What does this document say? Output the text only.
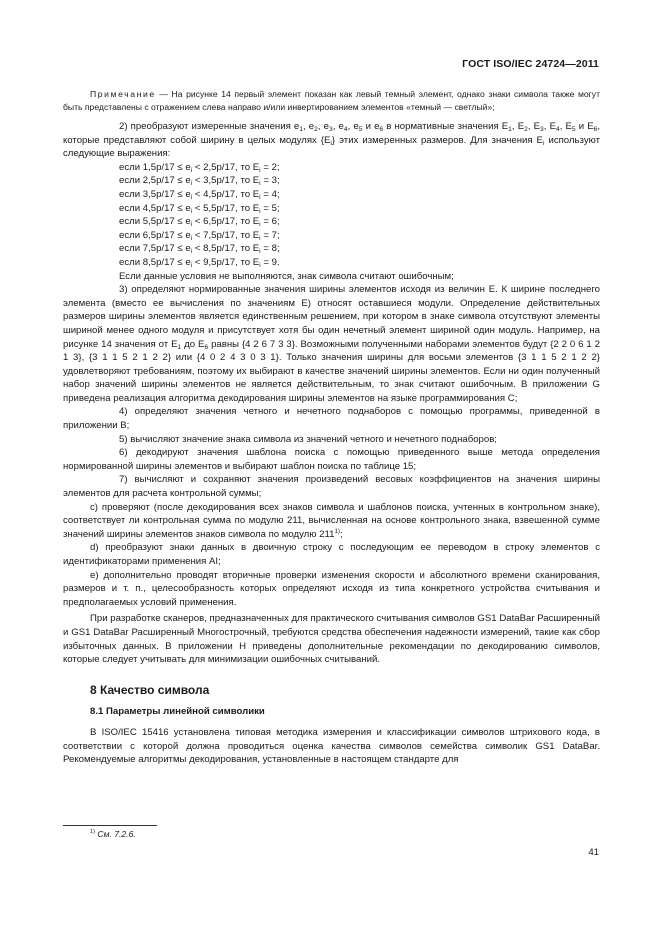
ГОСТ ISO/IEC 24724—2011

Примечание — На рисунке 14 первый элемент показан как левый темный элемент, однако знаки символа также могут быть представлены с отражением слева направо и/или инвертированием элементов «темный — светлый»;

2) преобразуют измеренные значения $e_1$, $e_2$, $e_3$, $e_4$, $e_5$ и $e_6$ в нормативные значения $E_1$, $E_2$, $E_3$, $E_4$, $E_5$ и $E_6$, которые представляют собой ширину в целых модулях $\{E_i\}$ этих измеренных размеров. Для значения $E_i$ используют следующие выражения:

если $1,5p/17 \le e_i < 2,5p/17$, то $E_i = 2$;

если $2,5p/17 \le e_i < 3,5p/17$, то $E_i = 3$;

если $3,5p/17 \le e_i < 4,5p/17$, то $E_i = 4$;

если $4,5p/17 \le e_i < 5,5p/17$, то $E_i = 5$;

если $5,5p/17 \le e_i < 6,5p/17$, то $E_i = 6$;

если $6,5p/17 \le e_i < 7,5p/17$, то $E_i = 7$;

если $7,5p/17 \le e_i < 8,5p/17$, то $E_i = 8$;

если $8,5p/17 \le e_i < 9,5p/17$, то $E_i = 9$.

Если данные условия не выполняются, знак символа считают ошибочным;

3) определяют нормированные значения ширины элементов исходя из величин E. К ширине последнего элемента (вместо ее вычисления по значениям E) относят оставшиеся модули. Определение действительных размеров ширины элементов является единственным решением, при котором в знаке символа отсутствуют элементы шириной менее одного модуля и присутствует хотя бы один нечетный элемент шириной один модуль. Например, на рисунке 14 значения от $E_1$ до $E_6$ равны {4 2 6 7 3 3}. Возможными полученными наборами элементов будут {2 2 0 6 1 2 1 3}, {3 1 1 5 2 1 2 2} или {4 0 2 4 3 0 3 1}. Только значения ширины для восьми элементов {3 1 1 5 2 1 2 2} удовлетворяют требованиям, поэтому их выбирают в качестве значений ширины элементов. Если ни один полученный набор значений ширины элементов не является действительным, то знак считают ошибочным. В приложении G приведена реализация алгоритма декодирования ширины элементов на языке программирования C;

4) определяют значения четного и нечетного поднаборов с помощью программы, приведенной в приложении B;

5) вычисляют значение знака символа из значений четного и нечетного поднаборов;

6) декодируют значения шаблона поиска с помощью приведенного выше метода определения нормированной ширины элементов и выбирают шаблон поиска по таблице 15;

7) вычисляют и сохраняют значения произведений весовых коэффициентов на значения ширины элементов для расчета контрольной суммы;

c) проверяют (после декодирования всех знаков символа и шаблонов поиска, учтенных в контрольном знаке), соответствует ли контрольная сумма по модулю 211, вычисленная на основе контрольного знака, взвешенной сумме значений ширины элементов знаков символа по модулю 211$^{1)}$;

d) преобразуют знаки данных в двоичную строку с последующим ее переводом в строку элементов с идентификаторами применения AI;

e) дополнительно проводят вторичные проверки изменения скорости и абсолютного времени сканирования, размеров и т. п., целесообразность которых определяют исходя из типа конкретного устройства считывания и предполагаемых условий применения.

При разработке сканеров, предназначенных для практического считывания символов GS1 DataBar Расширенный и GS1 DataBar Расширенный Многострочный, требуются средства обеспечения надежности измерений, такие как сбор избыточных данных. В приложении H приведены дополнительные рекомендации по декодированию символов, которые следует учитывать для минимизации ошибочных считываний.

8 Качество символа

8.1 Параметры линейной символики

В ISO/IEC 15416 установлена типовая методика измерения и классификации символов штрихового кода, в соответствии с которой должна проводиться оценка качества символов семейства символик GS1 DataBar. Рекомендуемые алгоритмы декодирования, установленные в настоящем стандарте для

$^{1)}$ См. 7.2.6.
41
